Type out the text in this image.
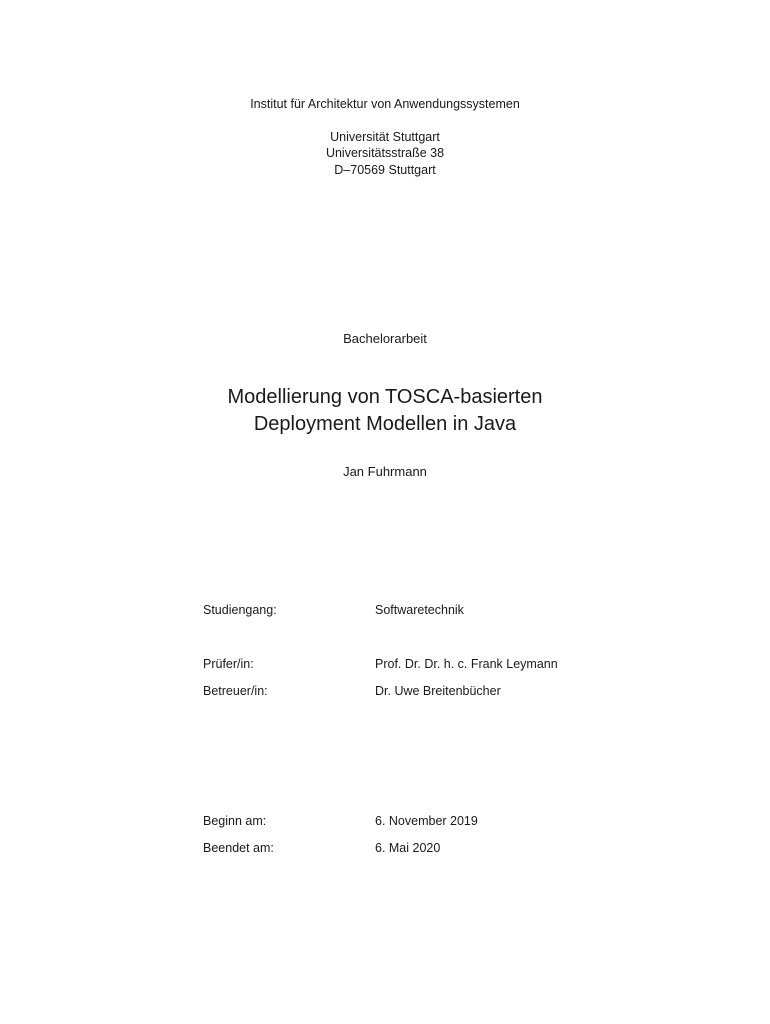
Institut für Architektur von Anwendungssystemen
Universität Stuttgart
Universitätsstraße 38
D–70569 Stuttgart
Bachelorarbeit
Modellierung von TOSCA-basierten
Deployment Modellen in Java
Jan Fuhrmann
Studiengang:	Softwaretechnik
Prüfer/in:	Prof. Dr. Dr. h. c. Frank Leymann
Betreuer/in:	Dr. Uwe Breitenbücher
Beginn am:	6. November 2019
Beendet am:	6. Mai 2020
